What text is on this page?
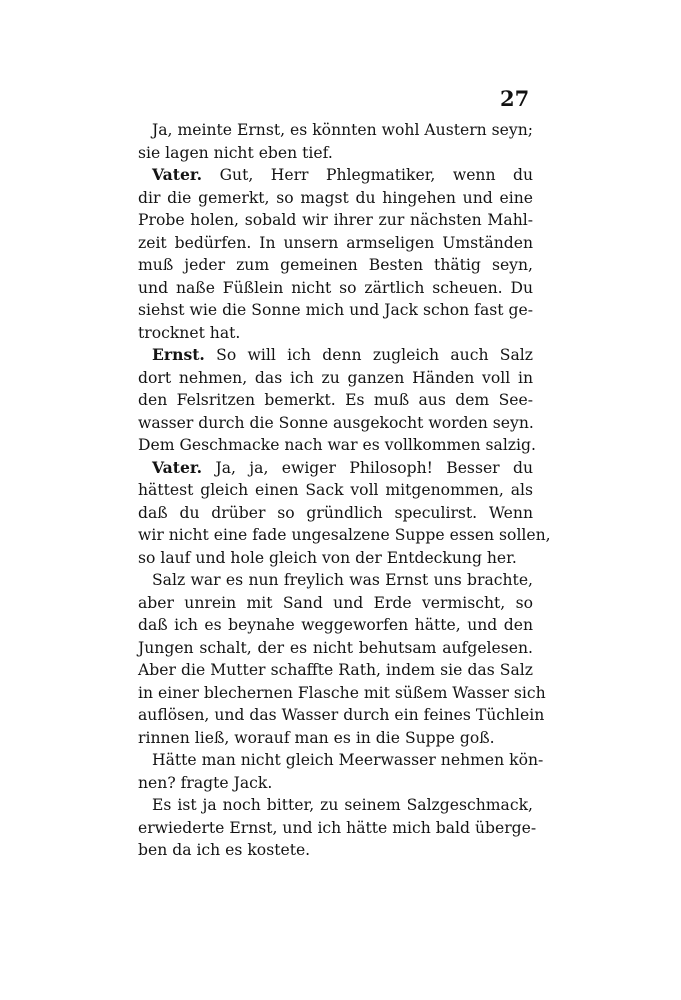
27
Ja, meinte Ernst, es könnten wohl Austern seyn;
sie lagen nicht eben tief.
Vater. Gut, Herr Phlegmatiker, wenn du
dir die gemerkt, so magst du hingehen und eine
Probe holen, sobald wir ihrer zur nächsten Mahl-
zeit bedürfen. In unsern armseligen Umständen
muß jeder zum gemeinen Besten thätig seyn,
und naße Füßlein nicht so zärtlich scheuen. Du
siehst wie die Sonne mich und Jack schon fast ge-
trocknet hat.
Ernst. So will ich denn zugleich auch Salz
dort nehmen, das ich zu ganzen Händen voll in
den Felsritzen bemerkt. Es muß aus dem See-
wasser durch die Sonne ausgekocht worden seyn.
Dem Geschmacke nach war es vollkommen salzig.
Vater. Ja, ja, ewiger Philosoph! Besser du
hättest gleich einen Sack voll mitgenommen, als
daß du drüber so gründlich speculirst. Wenn
wir nicht eine fade ungesalzene Suppe essen sollen,
so lauf und hole gleich von der Entdeckung her.
Salz war es nun freylich was Ernst uns brachte,
aber unrein mit Sand und Erde vermischt, so
daß ich es beynahe weggeworfen hätte, und den
Jungen schalt, der es nicht behutsam aufgelesen.
Aber die Mutter schaffte Rath, indem sie das Salz
in einer blechernen Flasche mit süßem Wasser sich
auflösen, und das Wasser durch ein feines Tüchlein
rinnen ließ, worauf man es in die Suppe goß.
Hätte man nicht gleich Meerwasser nehmen kön-
nen? fragte Jack.
Es ist ja noch bitter, zu seinem Salzgeschmack,
erwiederte Ernst, und ich hätte mich bald überge-
ben da ich es kostete.
